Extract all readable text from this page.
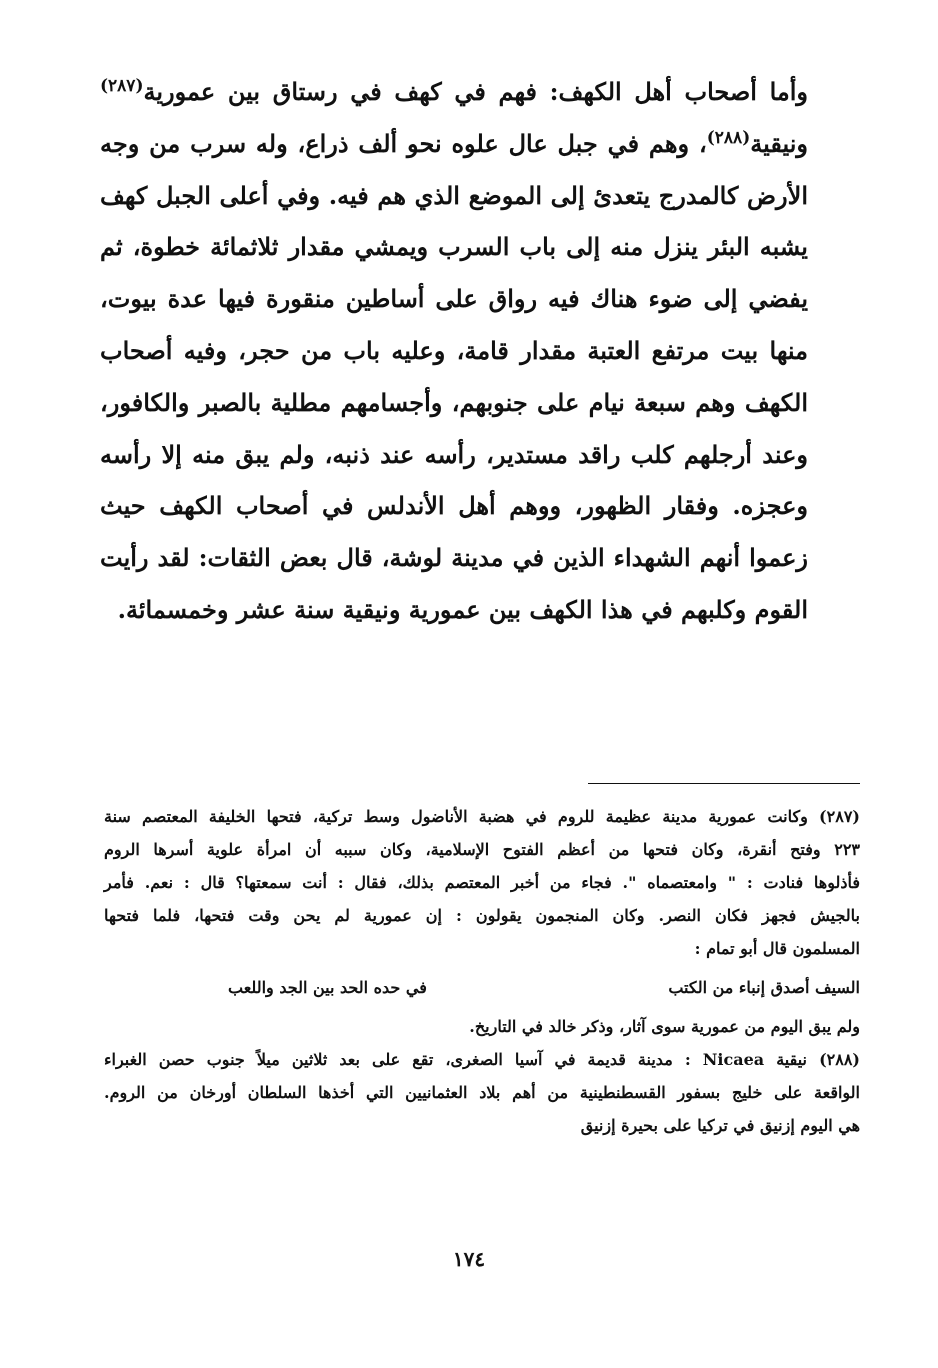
وأما أصحاب أهل الكهف: فهم في كهف في رستاق بين عمورية$^{(٢٨٧)}$ ونيقية$^{(٢٨٨)}$، وهم في جبل عال علوه نحو ألف ذراع، وله سرب من وجه الأرض كالمدرج يتعدئ إلى الموضع الذي هم فيه. وفي أعلى الجبل كهف يشبه البئر ينزل منه إلى باب السرب ويمشي مقدار ثلاثمائة خطوة، ثم يفضي إلى ضوء هناك فيه رواق على أساطين منقورة فيها عدة بيوت، منها بيت مرتفع العتبة مقدار قامة، وعليه باب من حجر، وفيه أصحاب الكهف وهم سبعة نيام على جنوبهم، وأجسامهم مطلية بالصبر والكافور، وعند أرجلهم كلب راقد مستدير، رأسه عند ذنبه، ولم يبق منه إلا رأسه وعجزه. وفقار الظهور، ووهم أهل الأندلس في أصحاب الكهف حيث زعموا أنهم الشهداء الذين في مدينة لوشة، قال بعض الثقات: لقد رأيت القوم وكلبهم في هذا الكهف بين عمورية ونيقية سنة عشر وخمسمائة.
(٢٨٧) وكانت عمورية مدينة عظيمة للروم في هضبة الأناضول وسط تركية، فتحها الخليفة المعتصم سنة
٢٢٣ وفتح أنقرة، وكان فتحها من أعظم الفتوح الإسلامية، وكان سببه أن امرأة علوية أسرها الروم
فأذلوها فنادت : " وامعتصماه ". فجاء من أخبر المعتصم بذلك، فقال : أنت سمعتها؟ قال : نعم. فأمر
بالجيش فجهز فكان النصر. وكان المنجمون يقولون : إن عمورية لم يحن وقت فتحها، فلما فتحها
المسلمون قال أبو تمام :
السيف أصدق إنباء من الكتب
في حده الحد بين الجد واللعب
ولم يبق اليوم من عمورية سوى آثار، وذكر خالد في التاريخ.
(٢٨٨) نيقية Nicaea : مدينة قديمة في آسيا الصغرى، تقع على بعد ثلاثين ميلاً جنوب حصن الغبراء
الواقعة على خليج بسفور القسطنطينية من أهم بلاد العثمانيين التي أخذها السلطان أورخان من الروم.
هي اليوم إزنيق في تركيا على بحيرة إزنيق
١٧٤
